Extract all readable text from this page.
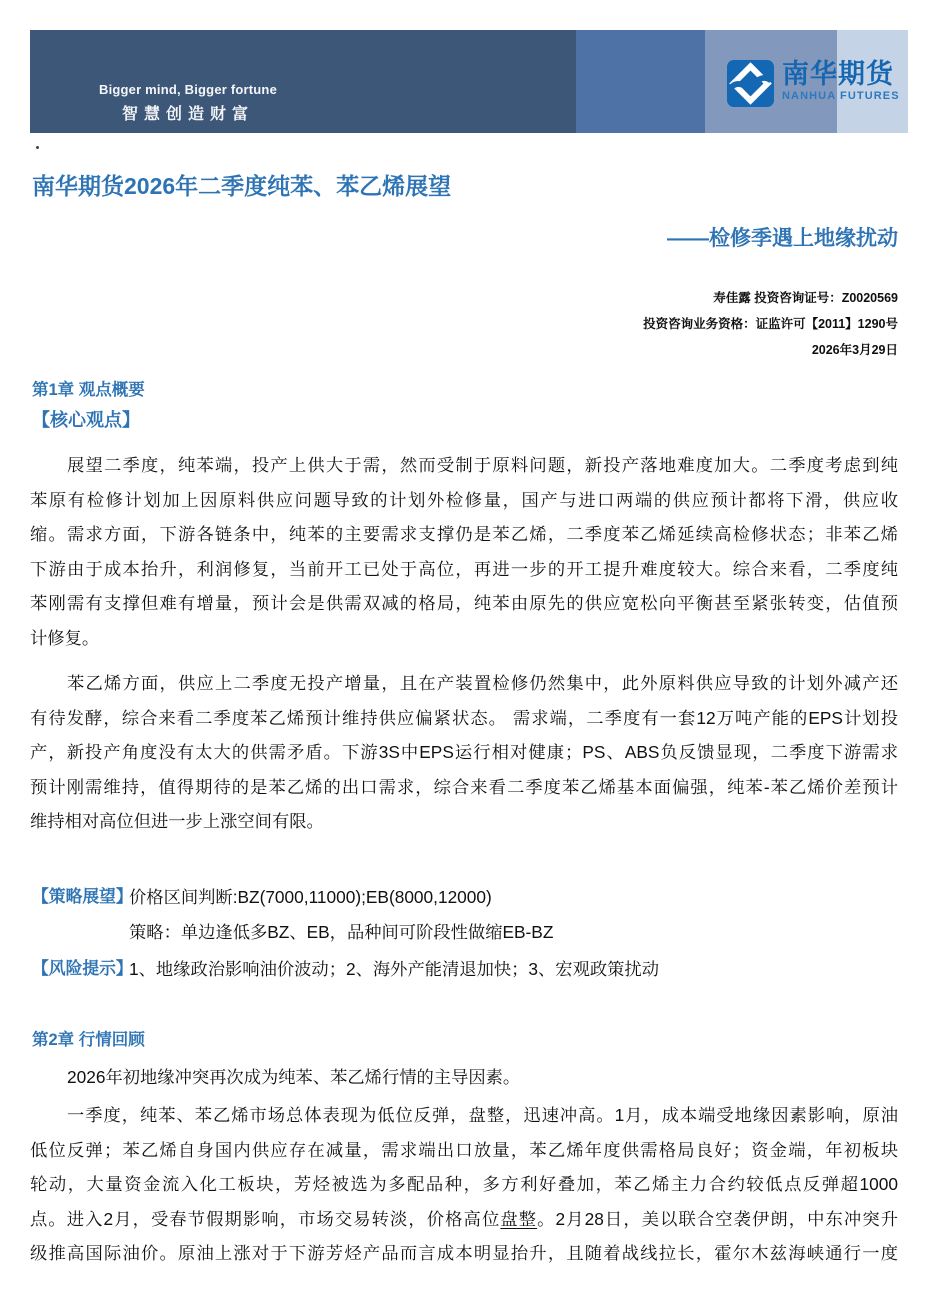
Bigger mind, Bigger fortune
智慧创造财富
南华期货
NANHUA FUTURES
南华期货2026年二季度纯苯、苯乙烯展望
——检修季遇上地缘扰动
寿佳露 投资咨询证号：Z0020569
投资咨询业务资格：证监许可【2011】1290号
2026年3月29日
第1章 观点概要
【核心观点】
展望二季度，纯苯端，投产上供大于需，然而受制于原料问题，新投产落地难度加大。二季度考虑到纯
苯原有检修计划加上因原料供应问题导致的计划外检修量，国产与进口两端的供应预计都将下滑，供应收
缩。需求方面，下游各链条中，纯苯的主要需求支撑仍是苯乙烯，二季度苯乙烯延续高检修状态；非苯乙烯
下游由于成本抬升，利润修复，当前开工已处于高位，再进一步的开工提升难度较大。综合来看，二季度纯
苯刚需有支撑但难有增量，预计会是供需双减的格局，纯苯由原先的供应宽松向平衡甚至紧张转变，估值预
计修复。
苯乙烯方面，供应上二季度无投产增量，且在产装置检修仍然集中，此外原料供应导致的计划外减产还
有待发酵，综合来看二季度苯乙烯预计维持供应偏紧状态。 需求端，二季度有一套12万吨产能的EPS计划投
产，新投产角度没有太大的供需矛盾。下游3S中EPS运行相对健康；PS、ABS负反馈显现，二季度下游需求
预计刚需维持，值得期待的是苯乙烯的出口需求，综合来看二季度苯乙烯基本面偏强，纯苯-苯乙烯价差预计
维持相对高位但进一步上涨空间有限。
【策略展望】
价格区间判断:BZ(7000,11000);EB(8000,12000)
策略：单边逢低多BZ、EB，品种间可阶段性做缩EB-BZ
【风险提示】
1、地缘政治影响油价波动；2、海外产能清退加快；3、宏观政策扰动
第2章 行情回顾
2026年初地缘冲突再次成为纯苯、苯乙烯行情的主导因素。
一季度，纯苯、苯乙烯市场总体表现为低位反弹，盘整，迅速冲高。1月，成本端受地缘因素影响，原油
低位反弹；苯乙烯自身国内供应存在减量，需求端出口放量，苯乙烯年度供需格局良好；资金端，年初板块
轮动，大量资金流入化工板块，芳烃被选为多配品种，多方利好叠加，苯乙烯主力合约较低点反弹超1000
点。进入2月，受春节假期影响，市场交易转淡，价格高位盘整。2月28日，美以联合空袭伊朗，中东冲突升
级推高国际油价。原油上涨对于下游芳烃产品而言成本明显抬升，且随着战线拉长，霍尔木兹海峡通行一度
